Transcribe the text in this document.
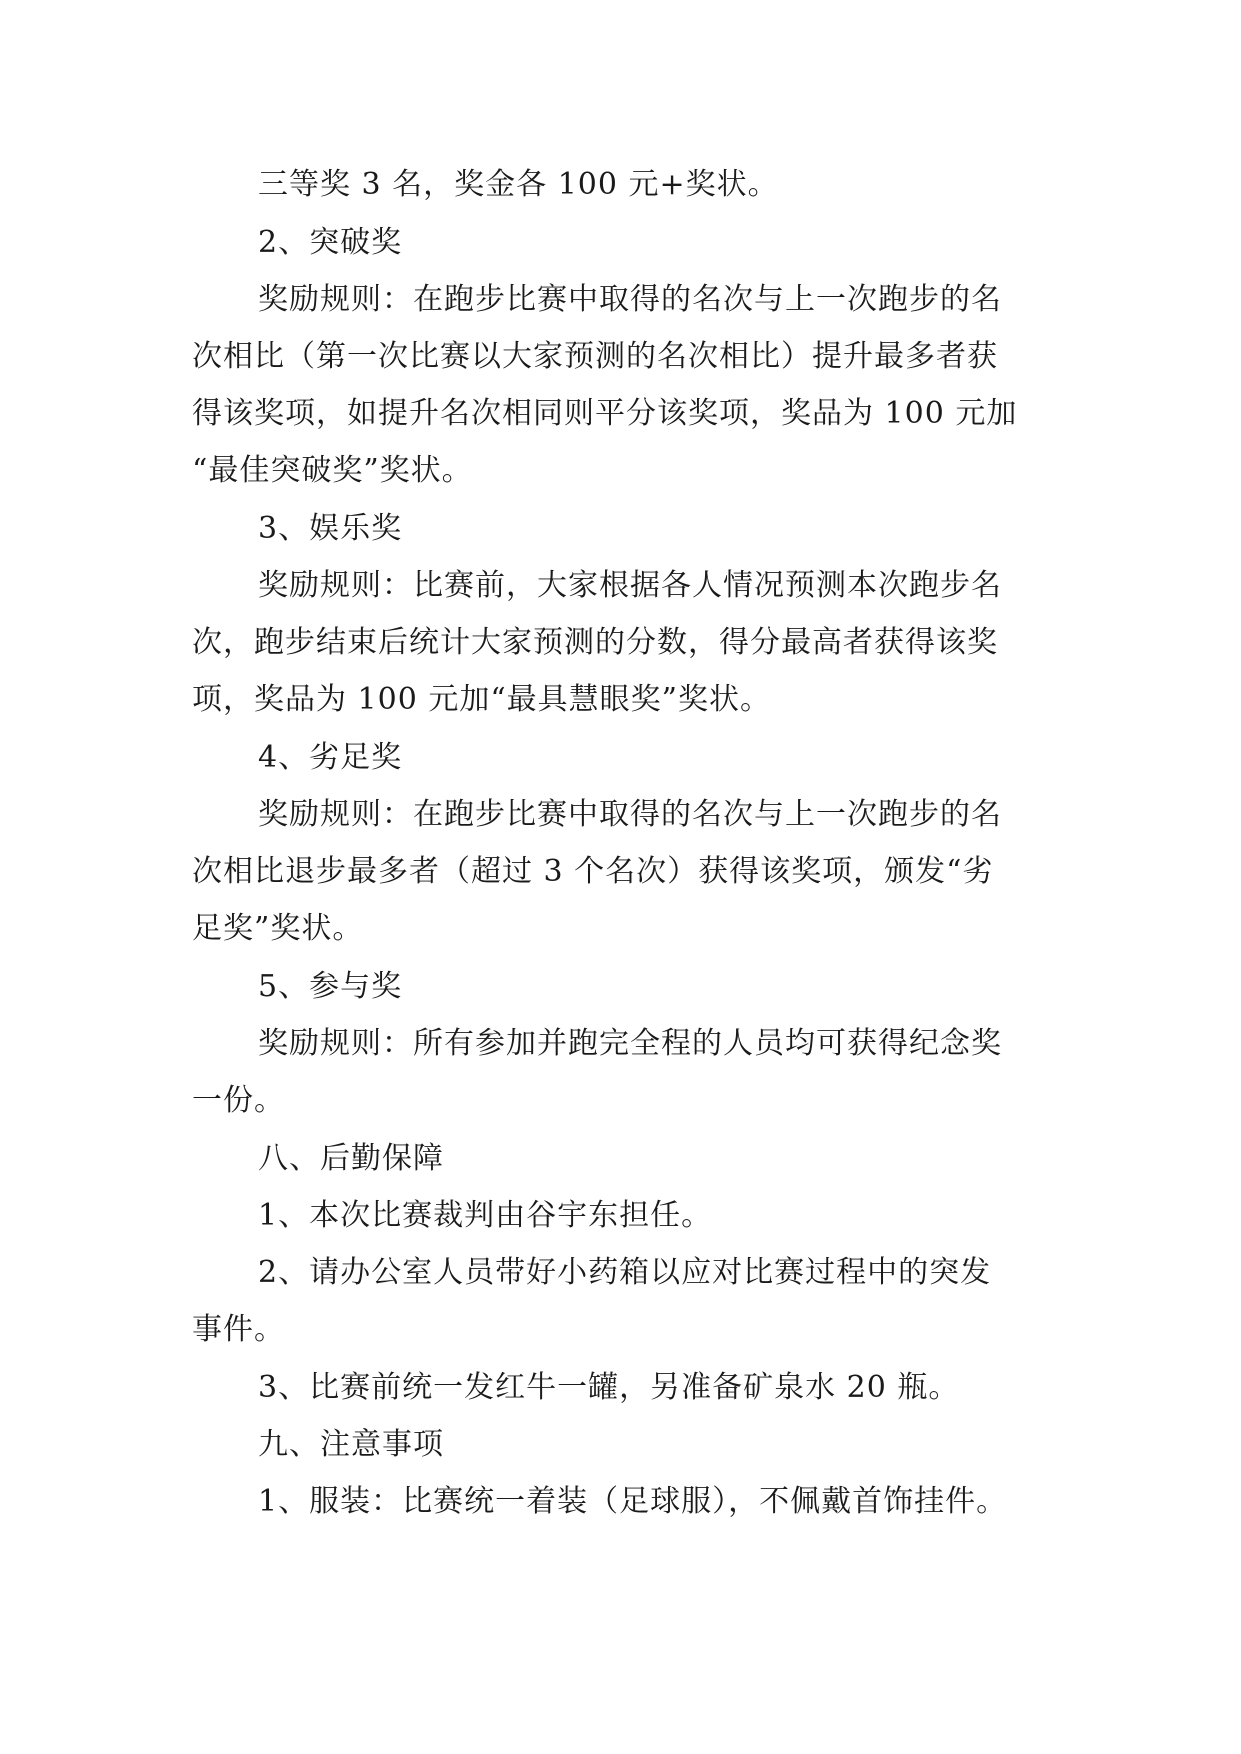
三等奖 3 名，奖金各 100 元+奖状。
2、突破奖
奖励规则：在跑步比赛中取得的名次与上一次跑步的名
次相比（第一次比赛以大家预测的名次相比）提升最多者获
得该奖项，如提升名次相同则平分该奖项，奖品为 100 元加
“最佳突破奖”奖状。
3、娱乐奖
奖励规则：比赛前，大家根据各人情况预测本次跑步名
次，跑步结束后统计大家预测的分数，得分最高者获得该奖
项，奖品为 100 元加“最具慧眼奖”奖状。
4、劣足奖
奖励规则：在跑步比赛中取得的名次与上一次跑步的名
次相比退步最多者（超过 3 个名次）获得该奖项，颁发“劣
足奖”奖状。
5、参与奖
奖励规则：所有参加并跑完全程的人员均可获得纪念奖
一份。
八、后勤保障
1、本次比赛裁判由谷宇东担任。
2、请办公室人员带好小药箱以应对比赛过程中的突发
事件。
3、比赛前统一发红牛一罐，另准备矿泉水 20 瓶。
九、注意事项
1、服装：比赛统一着装（足球服），不佩戴首饰挂件。
